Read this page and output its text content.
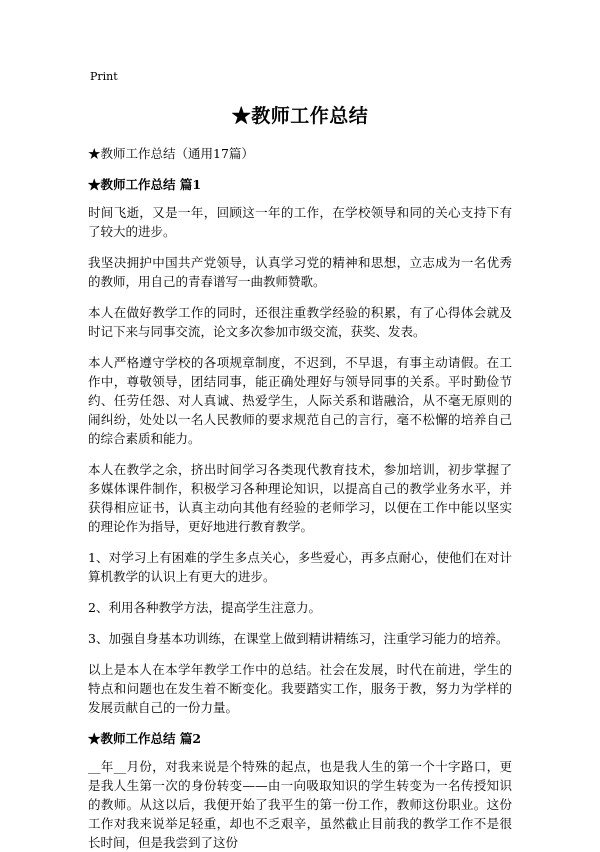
Print
★教师工作总结
★教师工作总结（通用17篇）
★教师工作总结 篇1

时间飞逝，又是一年，回顾这一年的工作，在学校领导和同的关心支持下有了较大的进步。

我坚决拥护中国共产党领导，认真学习党的精神和思想，立志成为一名优秀的教师，用自己的青春谱写一曲教师赞歌。

本人在做好教学工作的同时，还很注重教学经验的积累，有了心得体会就及时记下来与同事交流，论文多次参加市级交流，获奖、发表。

本人严格遵守学校的各项规章制度，不迟到，不早退，有事主动请假。在工作中，尊敬领导，团结同事，能正确处理好与领导同事的关系。平时勤俭节约、任劳任怨、对人真诚、热爱学生，人际关系和谐融洽，从不毫无原则的闹纠纷，处处以一名人民教师的要求规范自己的言行，毫不松懈的培养自己的综合素质和能力。

本人在教学之余，挤出时间学习各类现代教育技术，参加培训，初步掌握了多媒体课件制作，积极学习各种理论知识，以提高自己的教学业务水平，并获得相应证书，认真主动向其他有经验的老师学习，以便在工作中能以坚实的理论作为指导，更好地进行教育教学。

1、对学习上有困难的学生多点关心，多些爱心，再多点耐心，使他们在对计算机教学的认识上有更大的进步。

2、利用各种教学方法，提高学生注意力。

3、加强自身基本功训练，在课堂上做到精讲精练习，注重学习能力的培养。

以上是本人在本学年教学工作中的总结。社会在发展，时代在前进，学生的特点和问题也在发生着不断变化。我要踏实工作，服务于教，努力为学样的发展贡献自己的一份力量。

★教师工作总结 篇2

__年__月份，对我来说是个特殊的起点，也是我人生的第一个十字路口，更是我人生第一次的身份转变——由一向吸取知识的学生转变为一名传授知识的教师。从这以后，我便开始了我平生的第一份工作，教师这份职业。这份工作对我来说举足轻重，却也不乏艰辛，虽然截止目前我的教学工作不是很长时间，但是我尝到了这份
